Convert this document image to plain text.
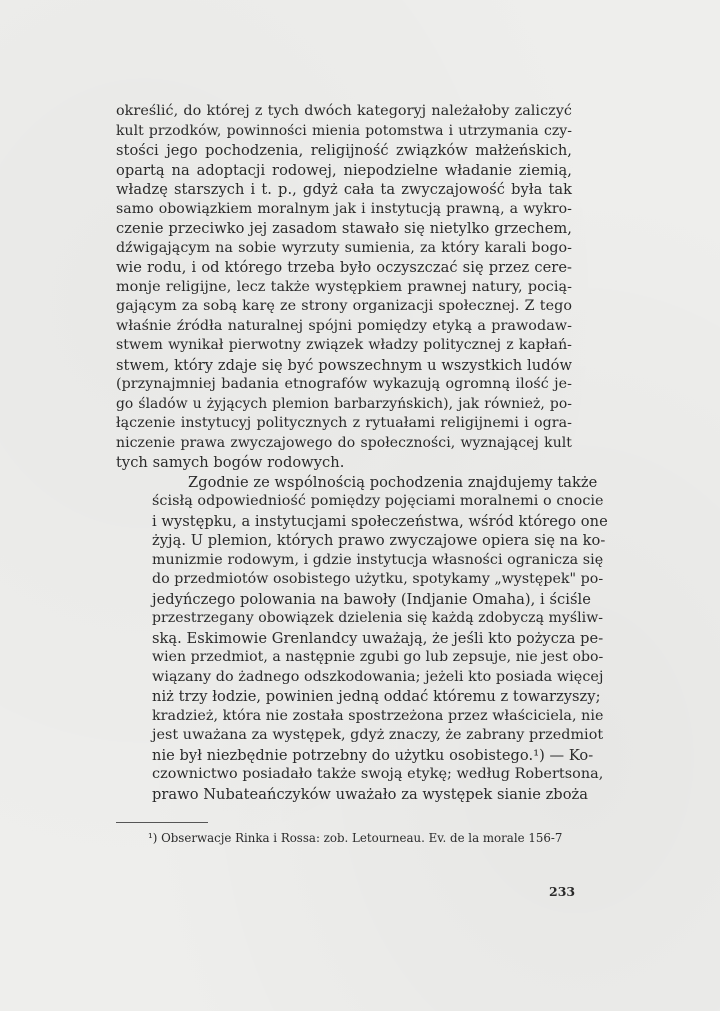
określić, do której z tych dwóch kategoryj należałoby zaliczyć
kult przodków, powinności mienia potomstwa i utrzymania czy-
stości jego pochodzenia, religijność związków małżeńskich,
opartą na adoptacji rodowej, niepodzielne władanie ziemią,
władzę starszych i t. p., gdyż cała ta zwyczajowość była tak
samo obowiązkiem moralnym jak i instytucją prawną, a wykro-
czenie przeciwko jej zasadom stawało się nietylko grzechem,
dźwigającym na sobie wyrzuty sumienia, za który karali bogo-
wie rodu, i od którego trzeba było oczyszczać się przez cere-
monje religijne, lecz także występkiem prawnej natury, pocią-
gającym za sobą karę ze strony organizacji społecznej. Z tego
właśnie źródła naturalnej spójni pomiędzy etyką a prawodaw-
stwem wynikał pierwotny związek władzy politycznej z kapłań-
stwem, który zdaje się być powszechnym u wszystkich ludów
(przynajmniej badania etnografów wykazują ogromną ilość je-
go śladów u żyjących plemion barbarzyńskich), jak również, po-
łączenie instytucyj politycznych z rytuałami religijnemi i ogra-
niczenie prawa zwyczajowego do społeczności, wyznającej kult
tych samych bogów rodowych.

Zgodnie ze wspólnością pochodzenia znajdujemy także
ścisłą odpowiedniość pomiędzy pojęciami moralnemi o cnocie
i występku, a instytucjami społeczeństwa, wśród którego one
żyją. U plemion, których prawo zwyczajowe opiera się na ko-
munizmie rodowym, i gdzie instytucja własności ogranicza się
do przedmiotów osobistego użytku, spotykamy „występek" po-
jedyńczego polowania na bawoły (Indjanie Omaha), i ściśle
przestrzegany obowiązek dzielenia się każdą zdobyczą myśliw-
ską. Eskimowie Grenlandcy uważają, że jeśli kto pożycza pe-
wien przedmiot, a następnie zgubi go lub zepsuje, nie jest obo-
wiązany do żadnego odszkodowania; jeżeli kto posiada więcej
niż trzy łodzie, powinien jedną oddać któremu z towarzyszy;
kradzież, która nie została spostrzeżona przez właściciela, nie
jest uważana za występek, gdyż znaczy, że zabrany przedmiot
nie był niezbędnie potrzebny do użytku osobistego.¹) — Ko-
czownictwo posiadało także swoją etykę; według Robertsona,
prawo Nubateańczyków uważało za występek sianie zboża

¹) Obserwacje Rinka i Rossa: zob. Letourneau. Ev. de la morale 156-7
233
